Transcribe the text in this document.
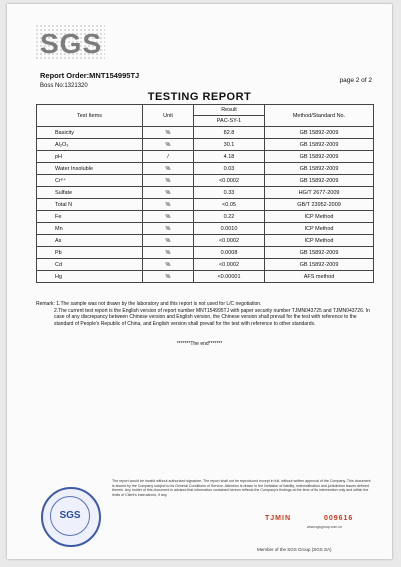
SGS
Report Order:MNT154995TJ
Boss No:1321320
page 2 of 2
TESTING REPORT
Test Items	Unit	Result	Method/Standard No.
		PAC-SY-1	
Basicity	%	82.8	GB 15892-2009
Al₂O₃	%	30.1	GB 15892-2009
pH	/	4.18	GB 15892-2009
Water Insoluble	%	0.03	GB 15892-2009
Cr⁶⁺	%	<0.0002	GB 15892-2009
Sulfate	%	0.33	HG/T 2677-2009
Total N	%	<0.05	GB/T 23952-2009
Fe	%	0.22	ICP Method
Mn	%	0.0010	ICP Method
As	%	<0.0002	ICP Method
Pb	%	0.0008	GB 15892-2009
Cd	%	<0.0002	GB 15892-2009
Hg	%	<0.00001	AFS method
Remark: 1.The sample was not drawn by the laboratory and this report is not used for L/C negotiation.
2.The current test report is the English version of report number MNT154995TJ with paper security number TJMN043725 and TJMN043726. In case of any discrepancy between Chinese version and English version, the Chinese version shall prevail for the test with reference to the standard of People's Republic of China, and English version shall prevail for the test with reference to other standards.
*******The end*******
The report would be invalid without authorized signature. The report shall not be reproduced except in full, without written approval of the Company. This document is issued by the Company subject to its General Conditions of Service. Attention is drawn to the limitation of liability, indemnification and jurisdiction issues defined therein. Any holder of this document is advised that information contained hereon reflects the Company's findings at the time of its intervention only and within the limits of Client's instructions, if any.
SGS	TJMIN	009616
www.sgsgroup.com.cn
Member of the SGS Group (SGS SA)
